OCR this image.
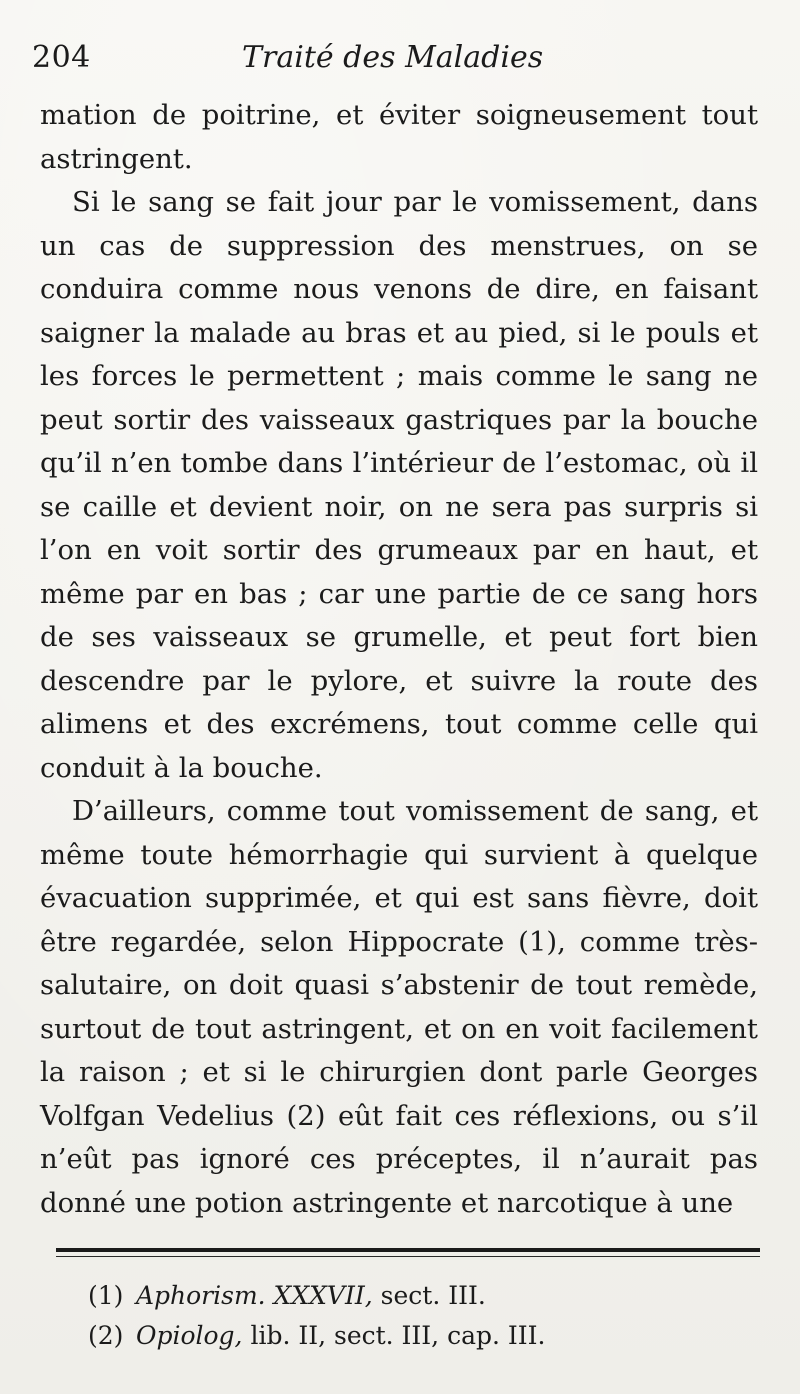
204	Traité des Maladies

mation de poitrine, et éviter soigneusement tout astringent.

Si le sang se fait jour par le vomissement, dans un cas de suppression des menstrues, on se conduira comme nous venons de dire, en faisant saigner la malade au bras et au pied, si le pouls et les forces le permettent ; mais comme le sang ne peut sortir des vaisseaux gastriques par la bouche qu’il n’en tombe dans l’intérieur de l’estomac, où il se caille et devient noir, on ne sera pas surpris si l’on en voit sortir des grumeaux par en haut, et même par en bas ; car une partie de ce sang hors de ses vaisseaux se grumelle, et peut fort bien descendre par le pylore, et suivre la route des alimens et des excrémens, tout comme celle qui conduit à la bouche.

D’ailleurs, comme tout vomissement de sang, et même toute hémorrhagie qui survient à quelque évacuation supprimée, et qui est sans fièvre, doit être regardée, selon Hippocrate (1), comme très-salutaire, on doit quasi s’abstenir de tout remède, surtout de tout astringent, et on en voit facilement la raison ; et si le chirurgien dont parle Georges Volfgan Vedelius (2) eût fait ces réflexions, ou s’il n’eût pas ignoré ces préceptes, il n’aurait pas donné une potion astringente et narcotique à une

(1) Aphorism. XXXVII, sect. III.
(2) Opiolog, lib. II, sect. III, cap. III.
